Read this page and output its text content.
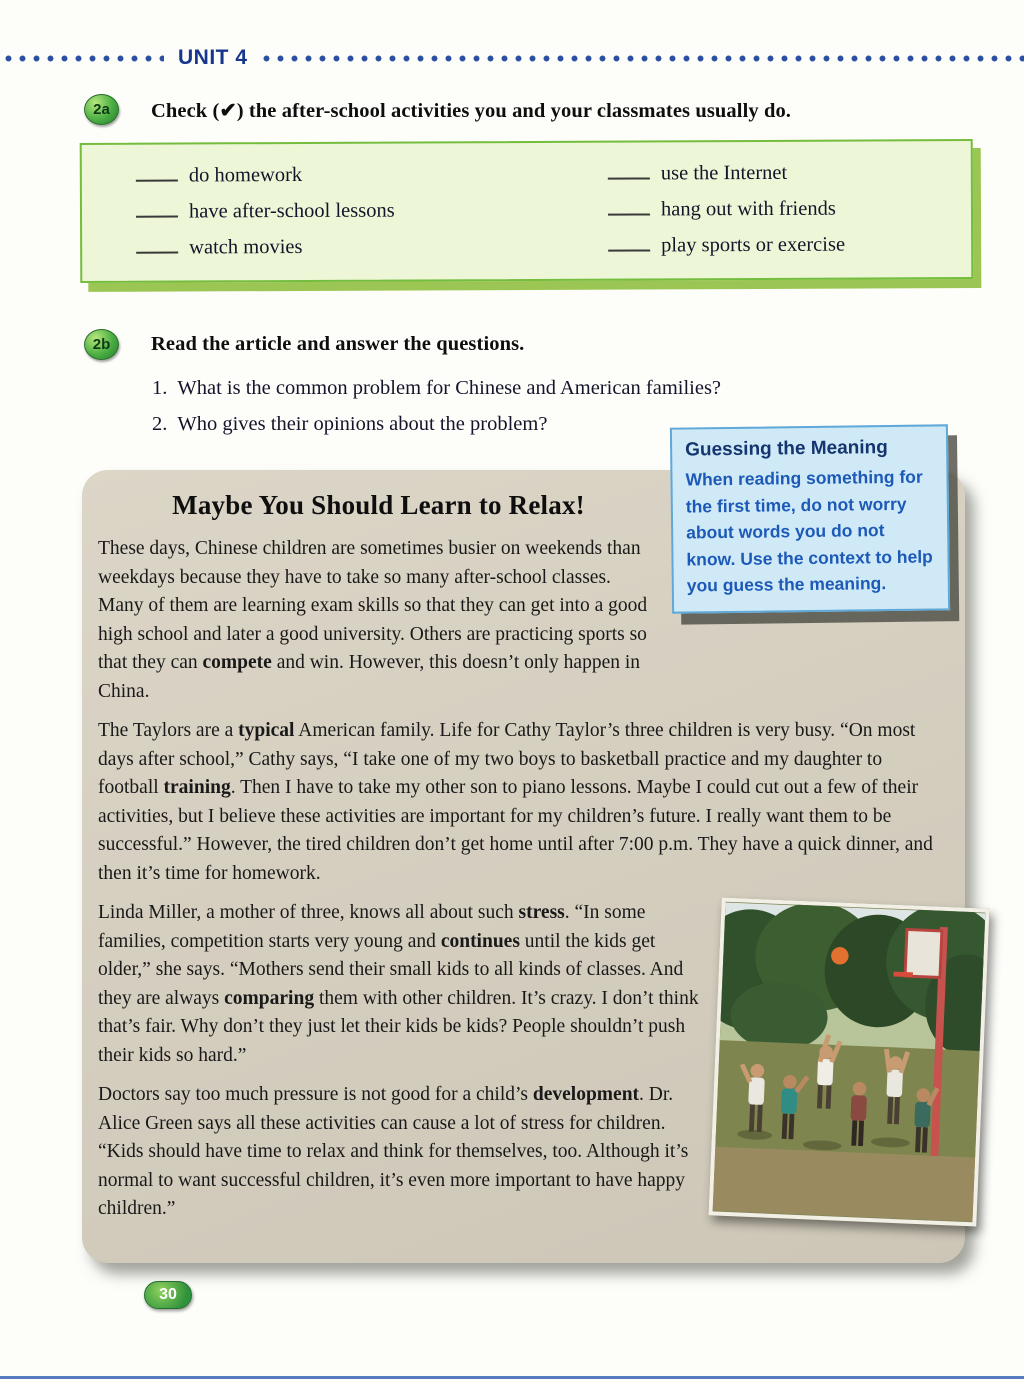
UNIT 4
2a	Check (✔) the after-school activities you and your classmates usually do.
do homework
have after-school lessons
watch movies
use the Internet
hang out with friends
play sports or exercise
2b	Read the article and answer the questions.
1. What is the common problem for Chinese and American families?
2. Who gives their opinions about the problem?
Guessing the Meaning
When reading something for the first time, do not worry about words you do not know. Use the context to help you guess the meaning.
Maybe You Should Learn to Relax!

These days, Chinese children are sometimes busier on weekends than weekdays because they have to take so many after-school classes. Many of them are learning exam skills so that they can get into a good high school and later a good university. Others are practicing sports so that they can compete and win. However, this doesn’t only happen in China.

The Taylors are a typical American family. Life for Cathy Taylor’s three children is very busy. “On most days after school,” Cathy says, “I take one of my two boys to basketball practice and my daughter to football training. Then I have to take my other son to piano lessons. Maybe I could cut out a few of their activities, but I believe these activities are important for my children’s future. I really want them to be successful.” However, the tired children don’t get home until after 7:00 p.m. They have a quick dinner, and then it’s time for homework.

Linda Miller, a mother of three, knows all about such stress. “In some families, competition starts very young and continues until the kids get older,” she says. “Mothers send their small kids to all kinds of classes. And they are always comparing them with other children. It’s crazy. I don’t think that’s fair. Why don’t they just let their kids be kids? People shouldn’t push their kids so hard.”

Doctors say too much pressure is not good for a child’s development. Dr. Alice Green says all these activities can cause a lot of stress for children. “Kids should have time to relax and think for themselves, too. Although it’s normal to want successful children, it’s even more important to have happy children.”

30
